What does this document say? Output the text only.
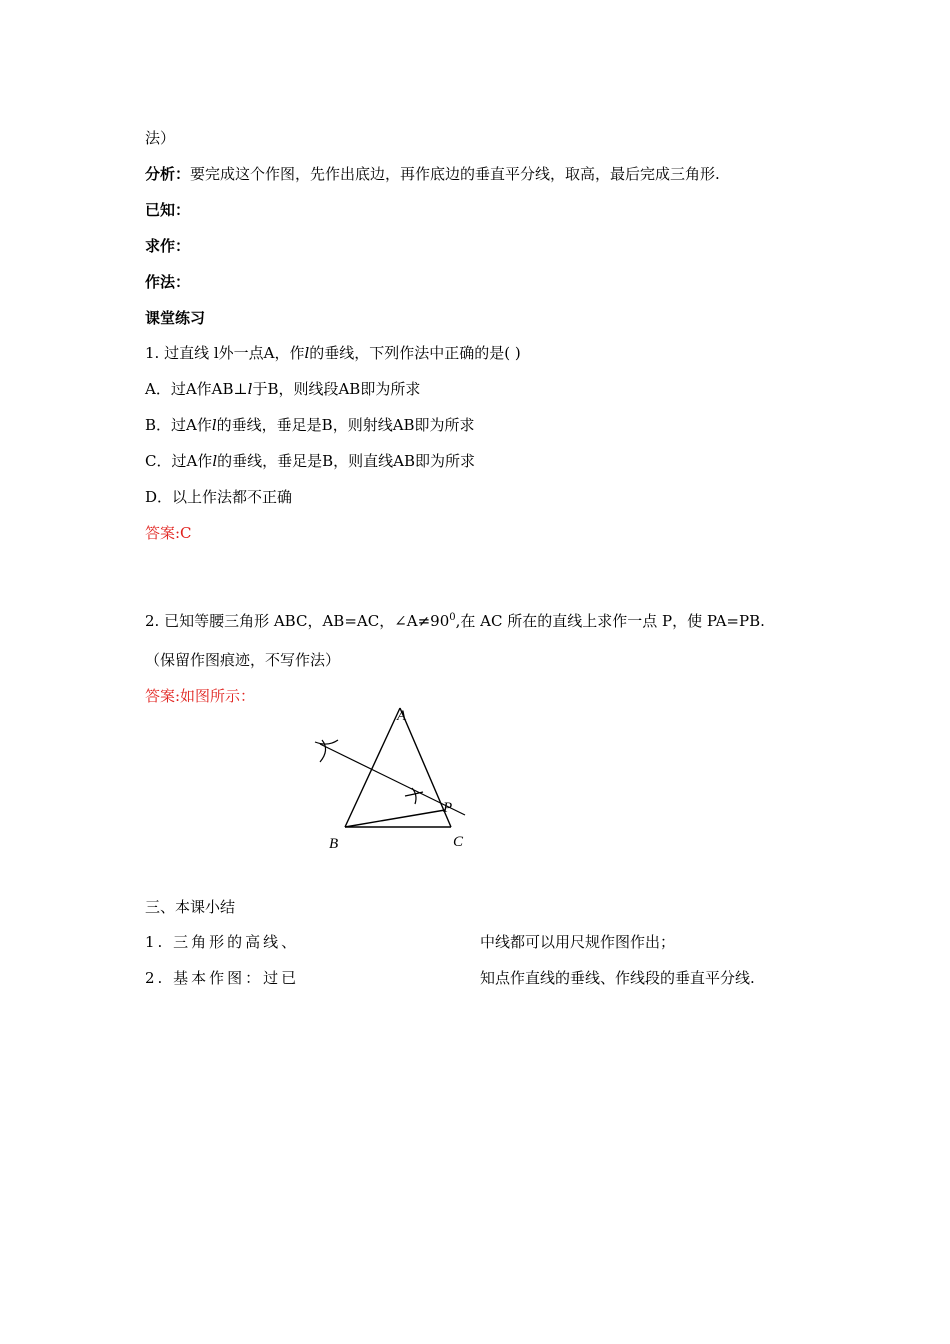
法）
分析：要完成这个作图，先作出底边，再作底边的垂直平分线，取高，最后完成三角形.
已知：
求作：
作法：
课堂练习
1. 过直线 l外一点A，作l的垂线，下列作法中正确的是( )
A．过A作AB⊥l于B，则线段AB即为所求
B．过A作l的垂线，垂足是B，则射线AB即为所求
C．过A作l的垂线，垂足是B，则直线AB即为所求
D．以上作法都不正确
答案:C
2. 已知等腰三角形 ABC，AB=AC，$\angle A\ne 90^0$,在 AC 所在的直线上求作一点 P，使 PA=PB.
（保留作图痕迹，不写作法）
答案:如图所示：
A
B	C
P
三、本课小结
1. 三角形的高线、	中线都可以用尺规作图作出；
2. 基本作图：过已	知点作直线的垂线、作线段的垂直平分线.
